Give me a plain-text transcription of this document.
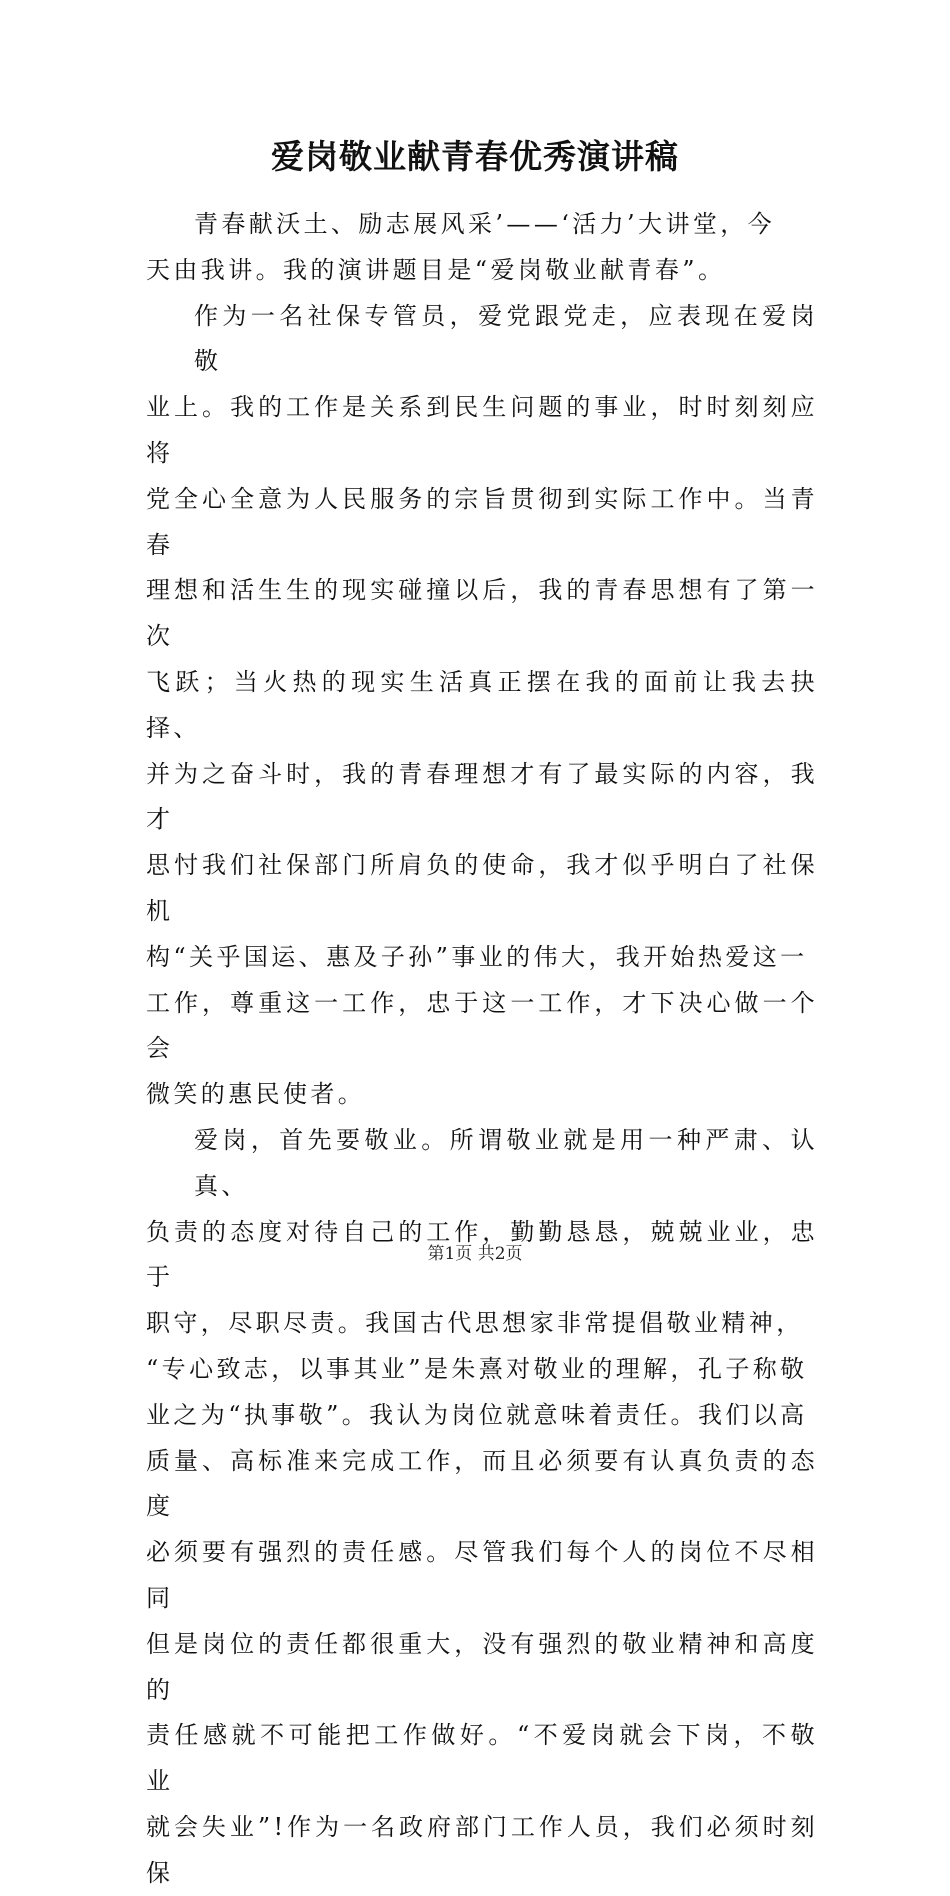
爱岗敬业献青春优秀演讲稿

青春献沃土、励志展风采’——‘活力’大讲堂，今
天由我讲。我的演讲题目是“爱岗敬业献青春”。

作为一名社保专管员，爱党跟党走，应表现在爱岗敬
业上。我的工作是关系到民生问题的事业，时时刻刻应将
党全心全意为人民服务的宗旨贯彻到实际工作中。当青春
理想和活生生的现实碰撞以后，我的青春思想有了第一次
飞跃；当火热的现实生活真正摆在我的面前让我去抉择、
并为之奋斗时，我的青春理想才有了最实际的内容，我才
思忖我们社保部门所肩负的使命，我才似乎明白了社保机
构“关乎国运、惠及子孙”事业的伟大，我开始热爱这一
工作，尊重这一工作，忠于这一工作，才下决心做一个会
微笑的惠民使者。

爱岗，首先要敬业。所谓敬业就是用一种严肃、认真、
负责的态度对待自己的工作，勤勤恳恳，兢兢业业，忠于
职守，尽职尽责。我国古代思想家非常提倡敬业精神，
“专心致志，以事其业”是朱熹对敬业的理解，孔子称敬
业之为“执事敬”。我认为岗位就意味着责任。我们以高
质量、高标准来完成工作，而且必须要有认真负责的态度
必须要有强烈的责任感。尽管我们每个人的岗位不尽相同
但是岗位的责任都很重大，没有强烈的敬业精神和高度的
责任感就不可能把工作做好。“不爱岗就会下岗，不敬业
就会失业”!作为一名政府部门工作人员，我们必须时刻保

第1页 共2页
